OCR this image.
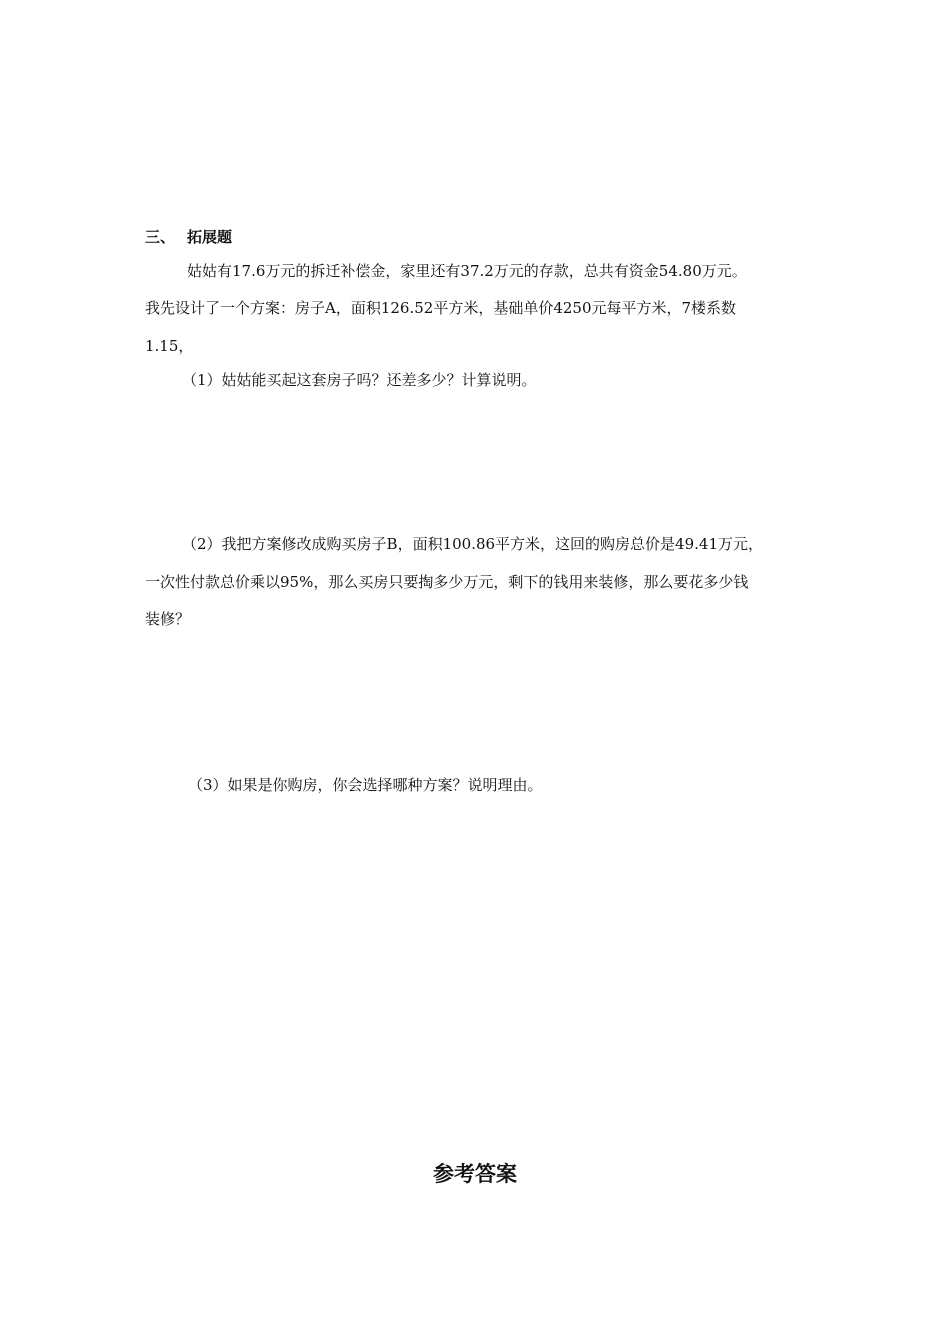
三、 拓展题
姑姑有17.6万元的拆迁补偿金，家里还有37.2万元的存款，总共有资金54.80万元。
我先设计了一个方案：房子A，面积126.52平方米，基础单价4250元每平方米，7楼系数
1.15，
（1）姑姑能买起这套房子吗？还差多少？计算说明。
（2）我把方案修改成购买房子B，面积100.86平方米，这回的购房总价是49.41万元，
一次性付款总价乘以95%，那么买房只要掏多少万元，剩下的钱用来装修，那么要花多少钱
装修？
（3）如果是你购房，你会选择哪种方案？说明理由。
参考答案
